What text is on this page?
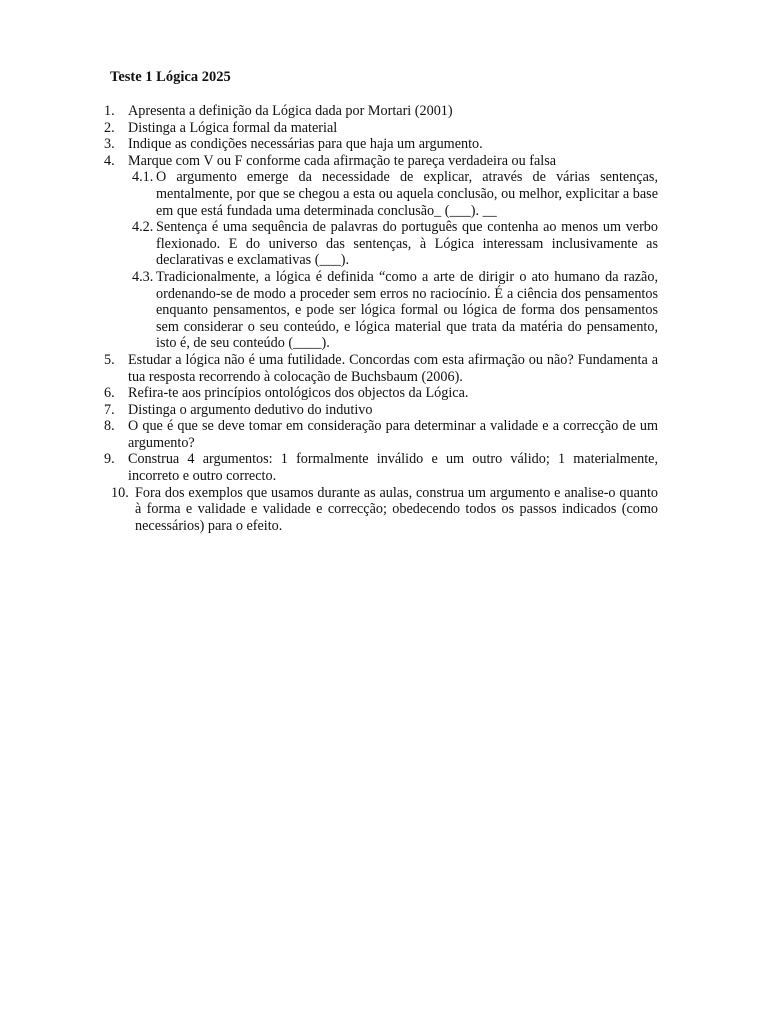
Teste 1 Lógica 2025
1. Apresenta a definição da Lógica dada por Mortari (2001)
2. Distinga a Lógica formal da material
3. Indique as condições necessárias para que haja um argumento.
4. Marque com V ou F conforme cada afirmação te pareça verdadeira ou falsa
4.1. O argumento emerge da necessidade de explicar, através de várias sentenças, mentalmente, por que se chegou a esta ou aquela conclusão, ou melhor, explicitar a base em que está fundada uma determinada conclusão_ (___). __
4.2. Sentença é uma sequência de palavras do português que contenha ao menos um verbo flexionado. E do universo das sentenças, à Lógica interessam inclusivamente as declarativas e exclamativas (___).
4.3. Tradicionalmente, a lógica é definida “como a arte de dirigir o ato humano da razão, ordenando-se de modo a proceder sem erros no raciocínio. É a ciência dos pensamentos enquanto pensamentos, e pode ser lógica formal ou lógica de forma dos pensamentos sem considerar o seu conteúdo, e lógica material que trata da matéria do pensamento, isto é, de seu conteúdo (____).
5. Estudar a lógica não é uma futilidade. Concordas com esta afirmação ou não? Fundamenta a tua resposta recorrendo à colocação de Buchsbaum (2006).
6. Refira-te aos princípios ontológicos dos objectos da Lógica.
7. Distinga o argumento dedutivo do indutivo
8. O que é que se deve tomar em consideração para determinar a validade e a correcção de um argumento?
9. Construa 4 argumentos: 1 formalmente inválido e um outro válido; 1 materialmente, incorreto e outro correcto.
10. Fora dos exemplos que usamos durante as aulas, construa um argumento e analise-o quanto à forma e validade e validade e correcção; obedecendo todos os passos indicados (como necessários) para o efeito.
